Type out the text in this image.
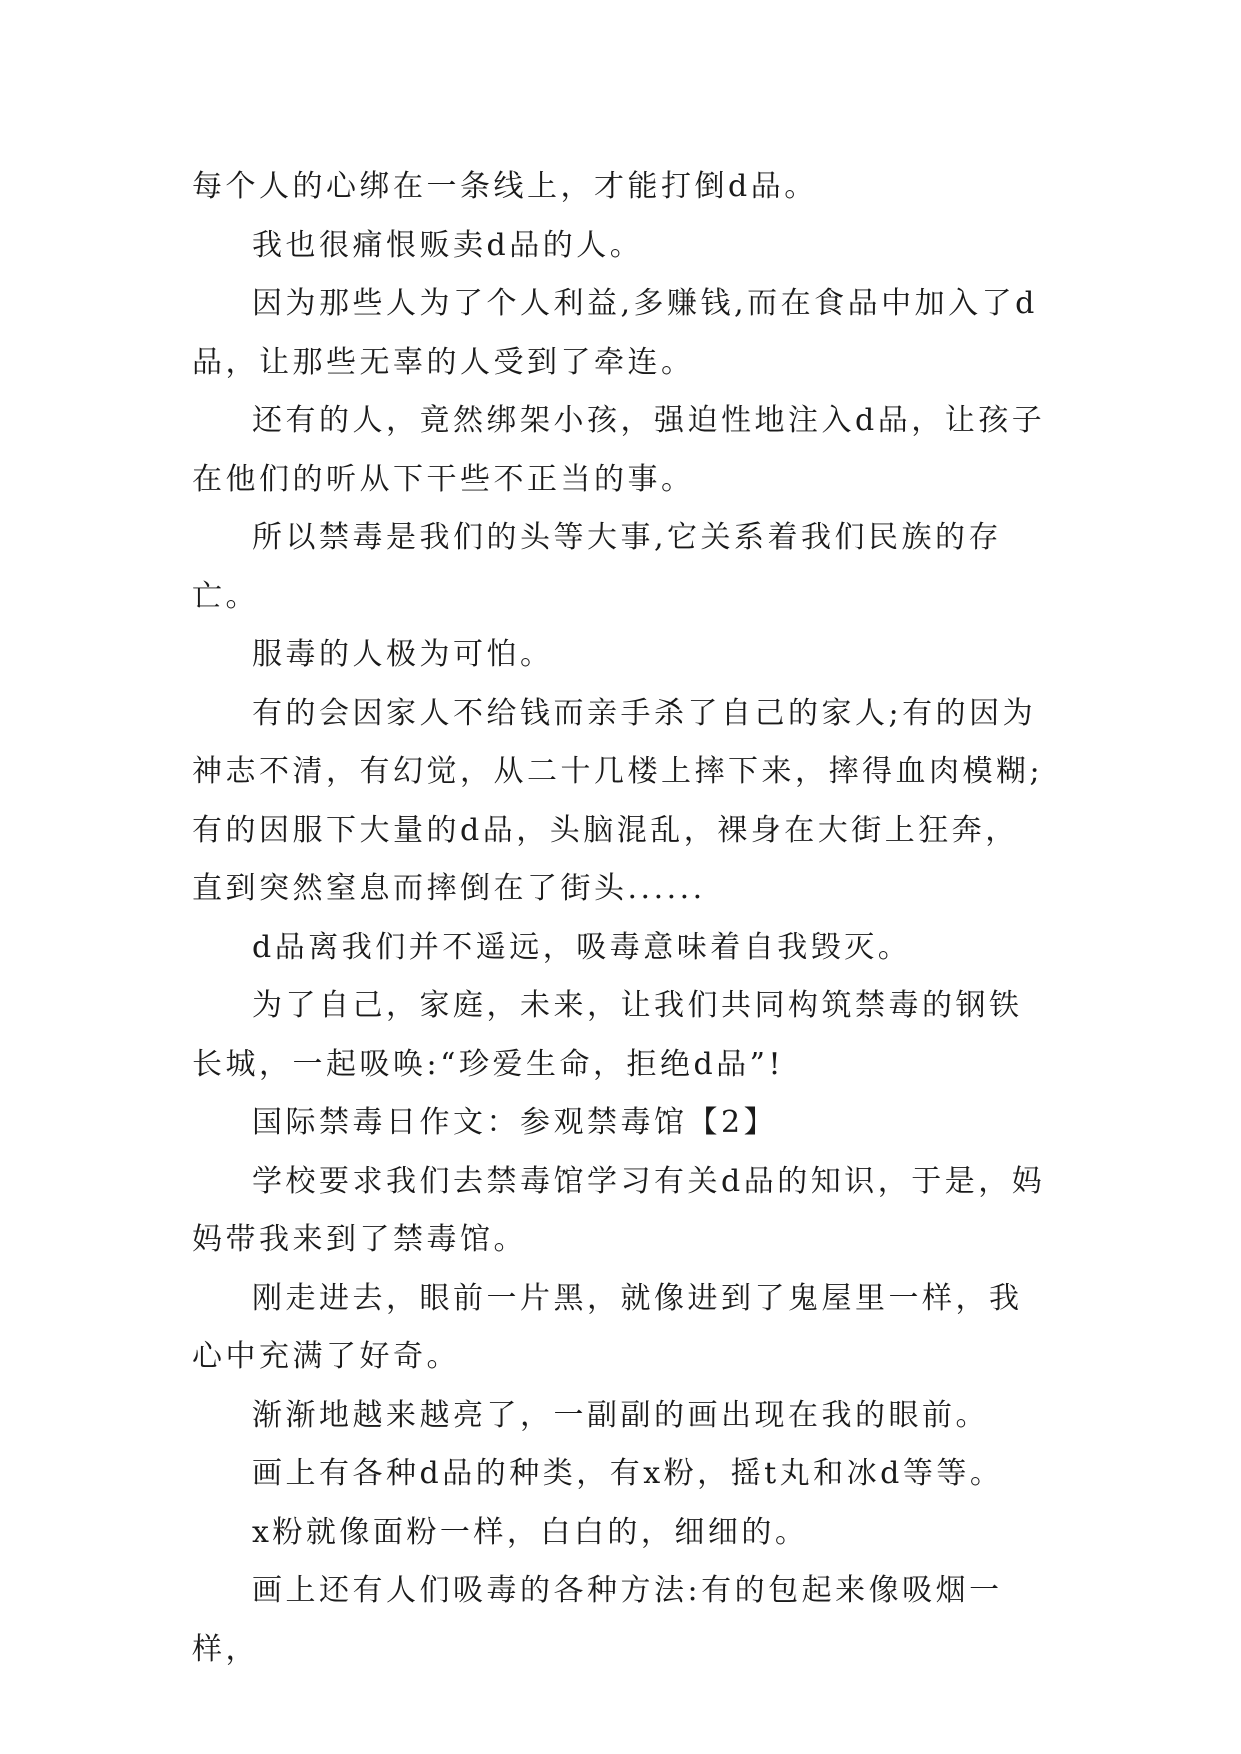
每个人的心绑在一条线上，才能打倒d品。

我也很痛恨贩卖d品的人。

因为那些人为了个人利益,多赚钱,而在食品中加入了d品，让那些无辜的人受到了牵连。

还有的人，竟然绑架小孩，强迫性地注入d品，让孩子在他们的听从下干些不正当的事。

所以禁毒是我们的头等大事,它关系着我们民族的存亡。

服毒的人极为可怕。

有的会因家人不给钱而亲手杀了自己的家人;有的因为神志不清，有幻觉，从二十几楼上摔下来，摔得血肉模糊;有的因服下大量的d品，头脑混乱，裸身在大街上狂奔，直到突然窒息而摔倒在了街头......

d品离我们并不遥远，吸毒意味着自我毁灭。

为了自己，家庭，未来，让我们共同构筑禁毒的钢铁长城，一起吸唤:“珍爱生命，拒绝d品”!

国际禁毒日作文：参观禁毒馆【2】

学校要求我们去禁毒馆学习有关d品的知识，于是，妈妈带我来到了禁毒馆。

刚走进去，眼前一片黑，就像进到了鬼屋里一样，我心中充满了好奇。

渐渐地越来越亮了，一副副的画出现在我的眼前。

画上有各种d品的种类，有x粉，摇t丸和冰d等等。

x粉就像面粉一样，白白的，细细的。

画上还有人们吸毒的各种方法:有的包起来像吸烟一样，
